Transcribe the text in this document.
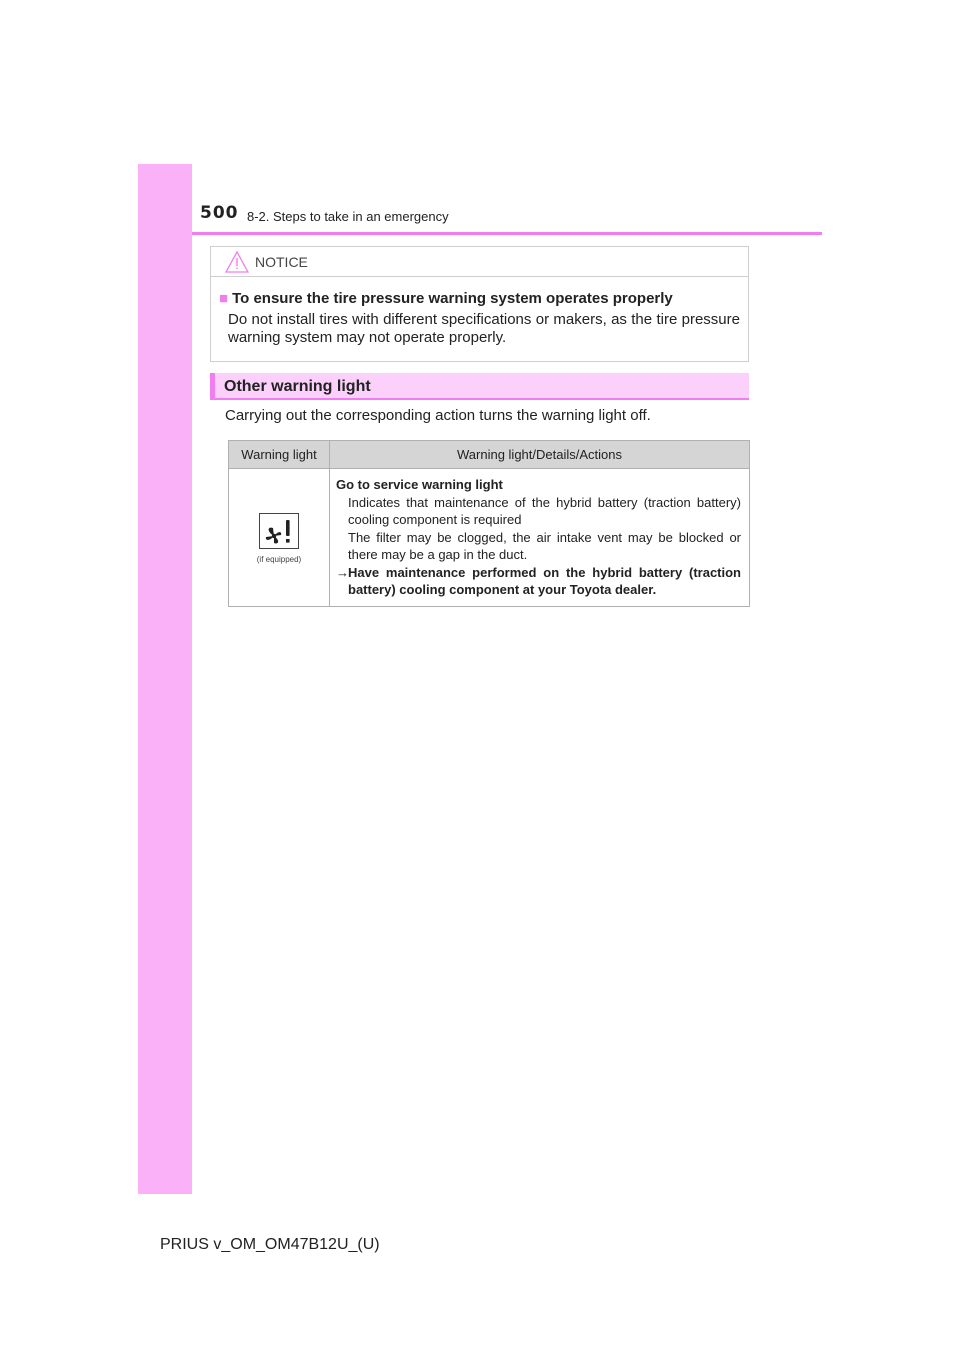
500 8-2. Steps to take in an emergency
NOTICE
■ To ensure the tire pressure warning system operates properly
Do not install tires with different specifications or makers, as the tire pressure warning system may not operate properly.
Other warning light
Carrying out the corresponding action turns the warning light off.
Warning light	Warning light/Details/Actions

(if equipped)	Go to service warning light
Indicates that maintenance of the hybrid battery (traction battery) cooling component is required
The filter may be clogged, the air intake vent may be blocked or there may be a gap in the duct.
→ Have maintenance performed on the hybrid battery (traction battery) cooling component at your Toyota dealer.
PRIUS v_OM_OM47B12U_(U)
